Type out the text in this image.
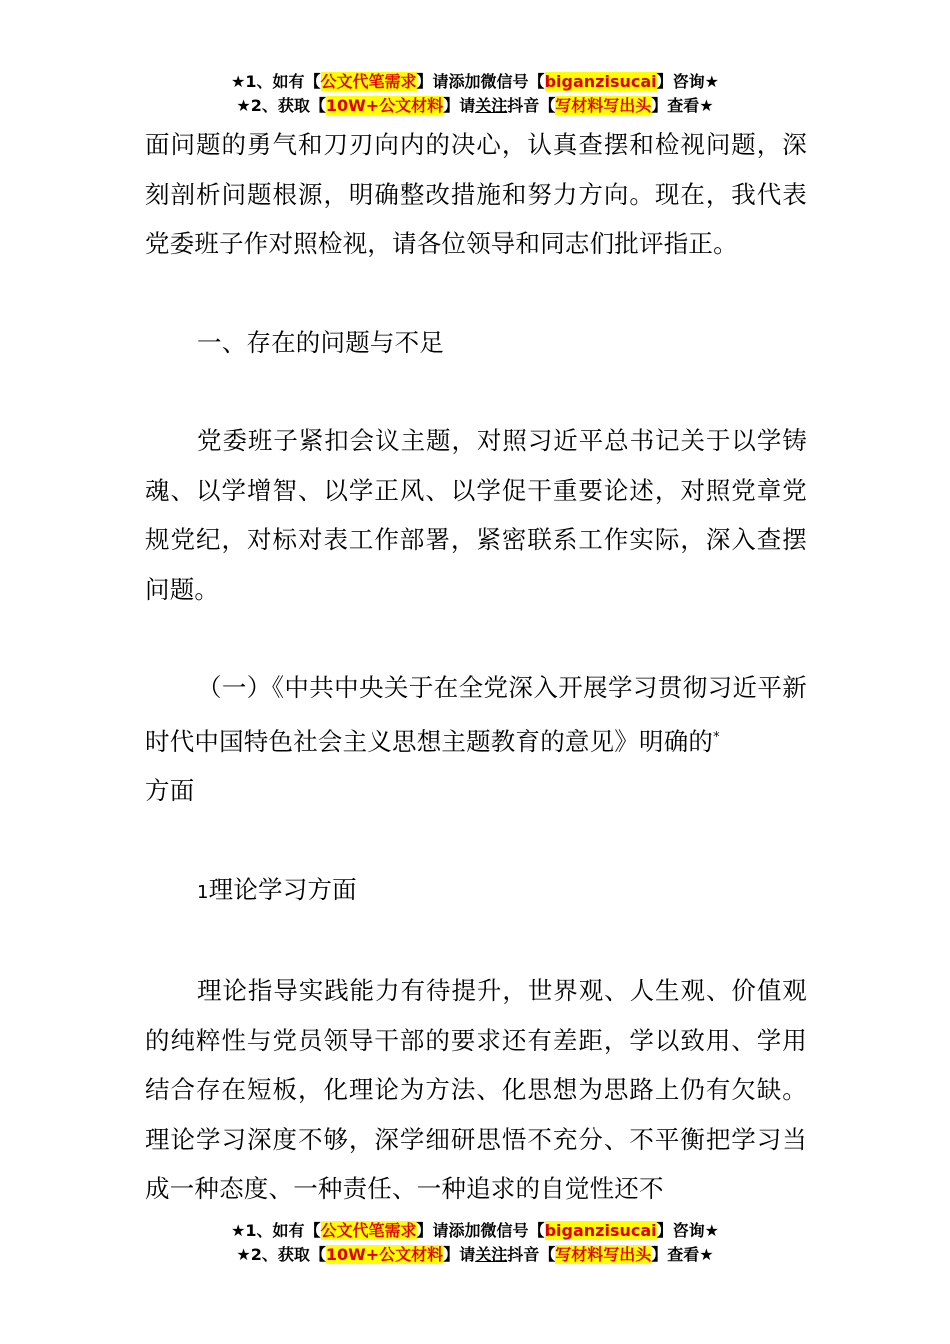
★1、如有【公文代笔需求】请添加微信号【biganzisucai】咨询★
★2、获取【10W+公文材料】请关注抖音【写材料写出头】查看★

面问题的勇气和刀刃向内的决心，认真查摆和检视问题，深刻剖析问题根源，明确整改措施和努力方向。现在，我代表党委班子作对照检视，请各位领导和同志们批评指正。

一、存在的问题与不足

党委班子紧扣会议主题，对照习近平总书记关于以学铸魂、以学增智、以学正风、以学促干重要论述，对照党章党规党纪，对标对表工作部署，紧密联系工作实际，深入查摆问题。

（一）《中共中央关于在全党深入开展学习贯彻习近平新时代中国特色社会主义思想主题教育的意见》明确的*
方面

1理论学习方面

理论指导实践能力有待提升，世界观、人生观、价值观的纯粹性与党员领导干部的要求还有差距，学以致用、学用结合存在短板，化理论为方法、化思想为思路上仍有欠缺。理论学习深度不够，深学细研思悟不充分、不平衡把学习当成一种态度、一种责任、一种追求的自觉性还不

★1、如有【公文代笔需求】请添加微信号【biganzisucai】咨询★
★2、获取【10W+公文材料】请关注抖音【写材料写出头】查看★
